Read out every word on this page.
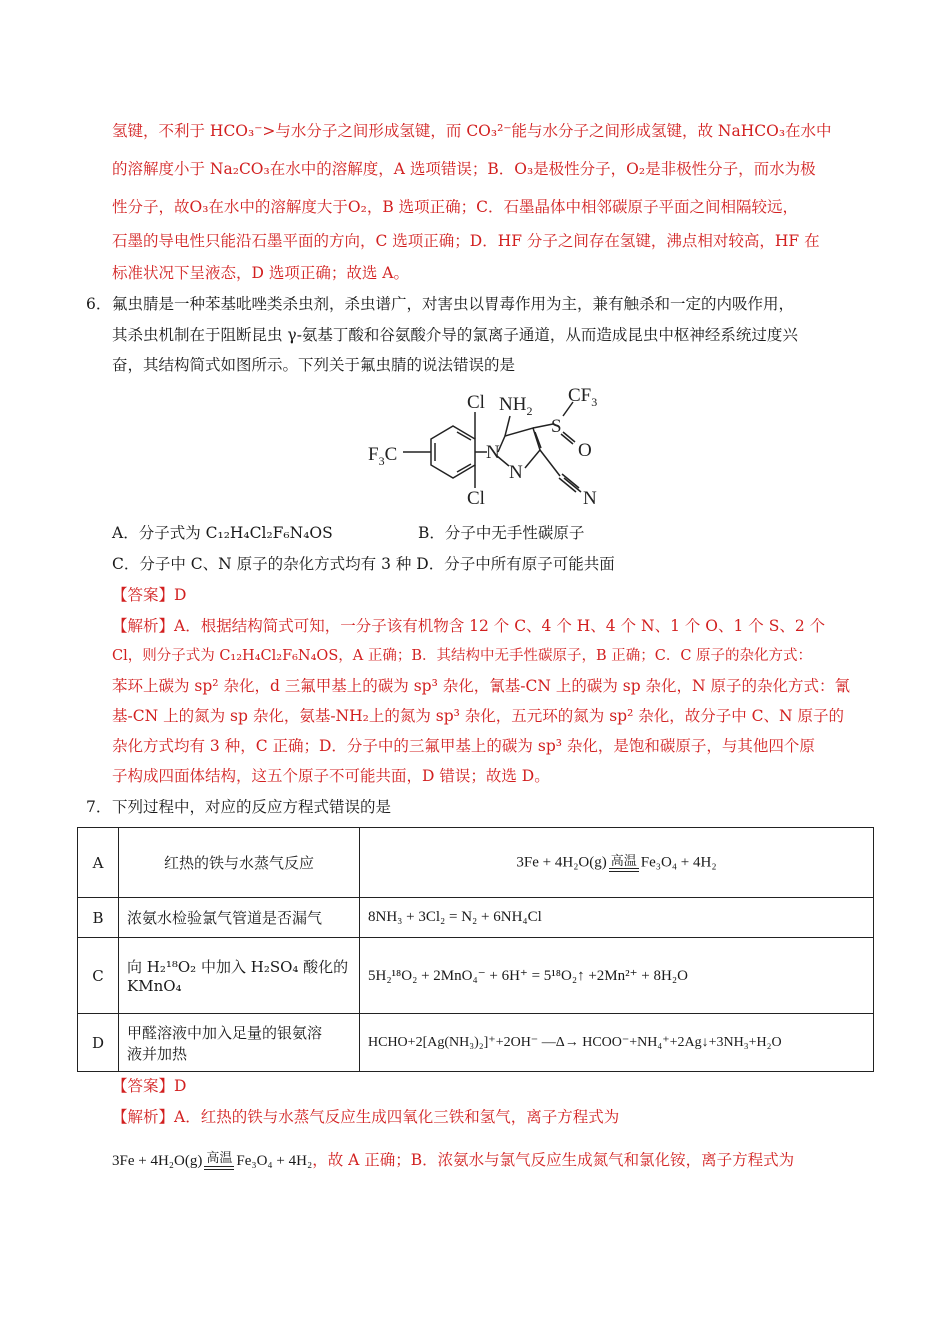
氢键，不利于 HCO₃⁻>与水分子之间形成氢键，而 CO₃²⁻能与水分子之间形成氢键，故 NaHCO₃在水中
的溶解度小于 Na₂CO₃在水中的溶解度，A 选项错误；B．O₃是极性分子，O₂是非极性分子，而水为极
性分子，故O₃在水中的溶解度大于O₂，B 选项正确；C．石墨晶体中相邻碳原子平面之间相隔较远，
石墨的导电性只能沿石墨平面的方向，C 选项正确；D．HF 分子之间存在氢键，沸点相对较高，HF 在
标准状况下呈液态，D 选项正确；故选 A。
6． 氟虫腈是一种苯基吡唑类杀虫剂，杀虫谱广，对害虫以胃毒作用为主，兼有触杀和一定的内吸作用，
其杀虫机制在于阻断昆虫 γ-氨基丁酸和谷氨酸介导的氯离子通道，从而造成昆虫中枢神经系统过度兴
奋，其结构简式如图所示。下列关于氟虫腈的说法错误的是
Cl $NH_2$
$CF_3$
S
O
$F_3C$	N
N
Cl	N
A．分子式为 C₁₂H₄Cl₂F₆N₄OS	B．分子中无手性碳原子
C．分子中 C、N 原子的杂化方式均有 3 种 D．分子中所有原子可能共面
【答案】D
【解析】A．根据结构简式可知，一分子该有机物含 12 个 C、4 个 H、4 个 N、1 个 O、1 个 S、2 个
Cl，则分子式为 C₁₂H₄Cl₂F₆N₄OS，A 正确；B．其结构中无手性碳原子，B 正确；C．C 原子的杂化方式：
苯环上碳为 sp² 杂化，d 三氟甲基上的碳为 sp³ 杂化，氰基-CN 上的碳为 sp 杂化，N 原子的杂化方式：氰
基-CN 上的氮为 sp 杂化，氨基-NH₂上的氮为 sp³ 杂化，五元环的氮为 sp² 杂化，故分子中 C、N 原子的
杂化方式均有 3 种，C 正确；D．分子中的三氟甲基上的碳为 sp³ 杂化，是饱和碳原子，与其他四个原
子构成四面体结构，这五个原子不可能共面，D 错误；故选 D。
7． 下列过程中，对应的反应方程式错误的是
A	红热的铁与水蒸气反应	3Fe + 4H₂O(g) 高温 Fe₃O₄ + 4H₂
B	浓氨水检验氯气管道是否漏气	8NH₃ + 3Cl₂ = N₂ + 6NH₄Cl
C	向 H₂¹⁸O₂ 中加入 H₂SO₄ 酸化的
KMnO₄	5H₂¹⁸O₂ + 2MnO₄⁻ + 6H⁺ = 5¹⁸O₂↑ +2Mn²⁺ + 8H₂O
D	甲醛溶液中加入足量的银氨溶
液并加热	HCHO+2[Ag(NH₃)₂]⁺+2OH⁻ —Δ→ HCOO⁻+NH₄⁺+2Ag↓+3NH₃+H₂O
【答案】D
【解析】A．红热的铁与水蒸气反应生成四氧化三铁和氢气，离子方程式为
3Fe + 4H₂O(g) 高温 Fe₃O₄ + 4H₂，故 A 正确；B．浓氨水与氯气反应生成氮气和氯化铵，离子方程式为
